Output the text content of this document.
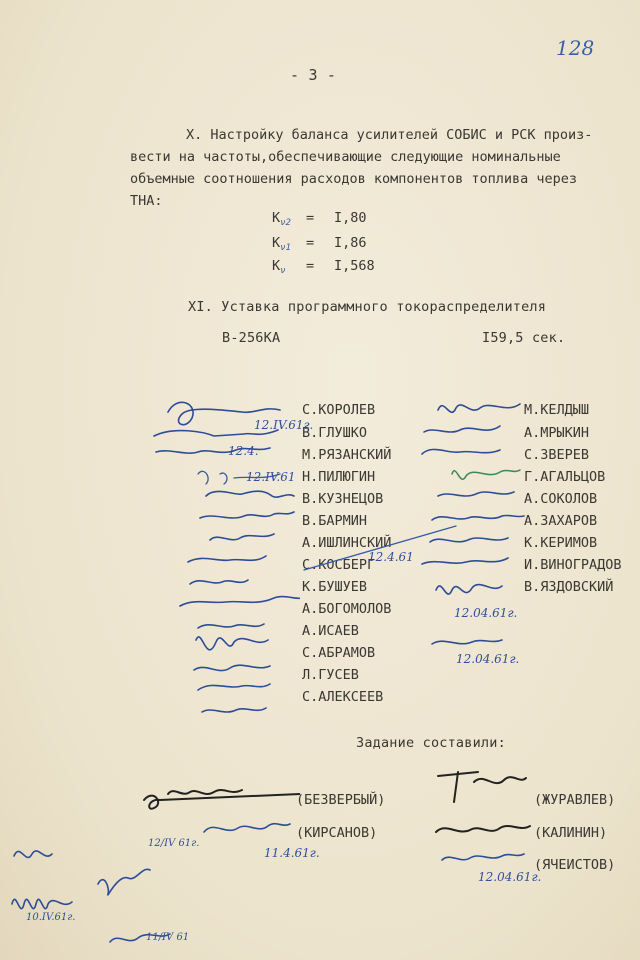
128
- 3 -
X. Настройку баланса усилителей СОБИС и РСК произ-
вести на частоты,обеспечивающие следующие номинальные
объемные соотношения расходов компонентов топлива через
ТНА:
$K_{\nu 2} = I,80$
$K_{\nu 1} = I,86$
$K_\nu = I,568$
XI. Уставка программного токораспределителя
В-256КА	I59,5 сек.
С.КОРОЛЕВ
В.ГЛУШКО
М.РЯЗАНСКИЙ
Н.ПИЛЮГИН
В.КУЗНЕЦОВ
В.БАРМИН
А.ИШЛИНСКИЙ
С.КОСБЕРГ
К.БУШУЕВ
А.БОГОМОЛОВ
А.ИСАЕВ
С.АБРАМОВ
Л.ГУСЕВ
С.АЛЕКСЕЕВ
М.КЕЛДЫШ
А.МРЫКИН
С.ЗВЕРЕВ
Г.АГАЛЬЦОВ
А.СОКОЛОВ
А.ЗАХАРОВ
К.КЕРИМОВ
И.ВИНОГРАДОВ
В.ЯЗДОВСКИЙ
12.IV.61г.
12.4.
12.IV.61
12.4.61
12.04.61г.
12.04.61г.
Задание составили:
(БЕЗВЕРБЫЙ)
(КИРСАНОВ)
11.4.61г.
(ЖУРАВЛЕВ)
(КАЛИНИН)
(ЯЧЕИСТОВ)
12.04.61г.
10.IV.61г.
12/IV 61г.
11/IV 61
